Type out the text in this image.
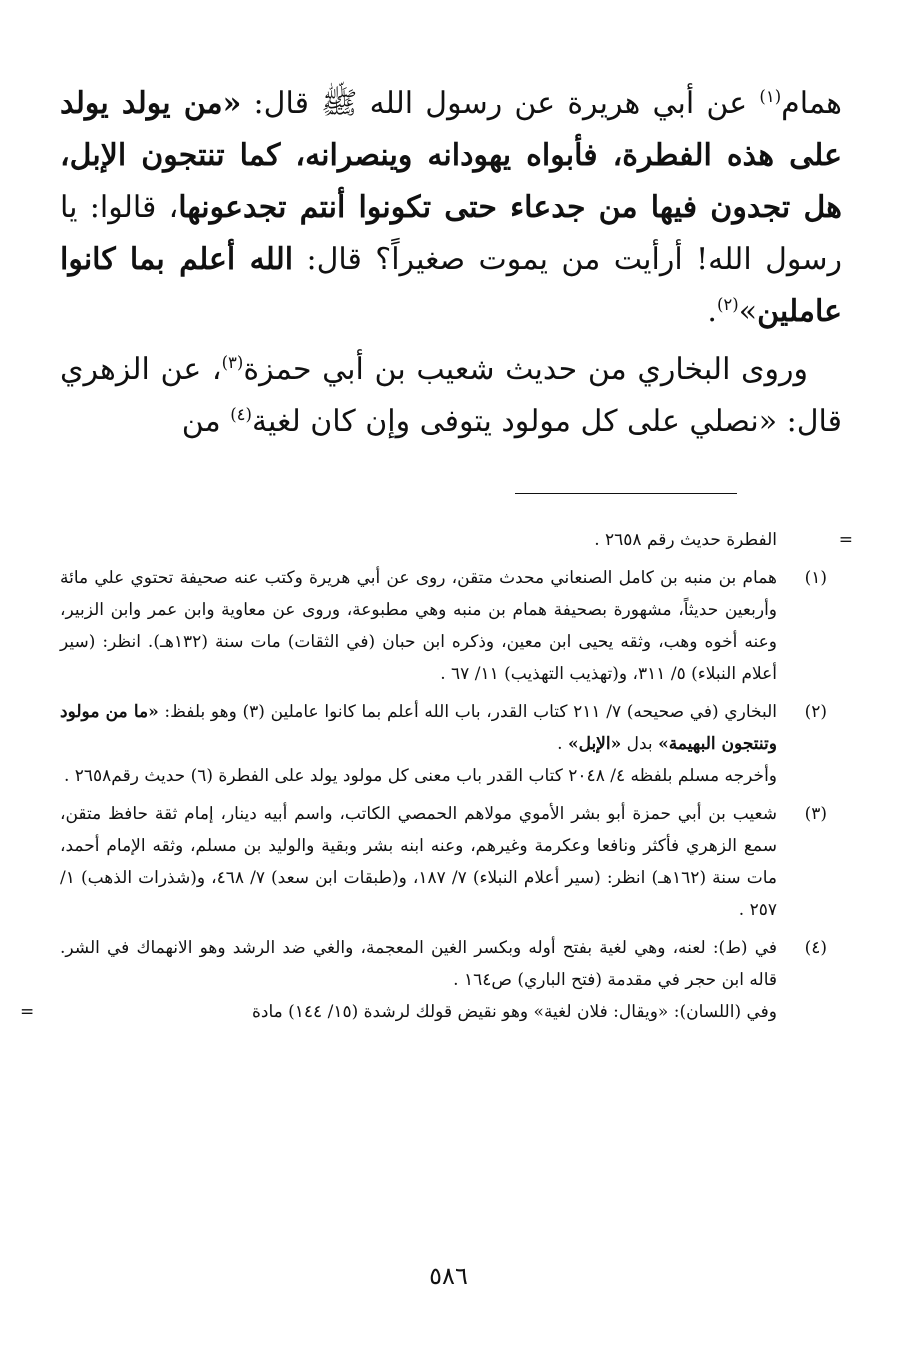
همام$^{(١)}$ عن أبي هريرة عن رسول الله ﷺ قال: «من يولد يولد على هذه الفطرة، فأبواه يهودانه وينصرانه، كما تنتجون الإبل، هل تجدون فيها من جدعاء حتى تكونوا أنتم تجدعونها، قالوا: يا رسول الله! أرأيت من يموت صغيراً؟ قال: الله أعلم بما كانوا عاملين»$^{(٢)}$.

وروى البخاري من حديث شعيب بن أبي حمزة$^{(٣)}$، عن الزهري قال: «نصلي على كل مولود يتوفى وإن كان لغية$^{(٤)}$ من

=
الفطرة حديث رقم ٢٦٥٨ .
(١)
همام بن منبه بن كامل الصنعاني محدث متقن، روى عن أبي هريرة وكتب عنه صحيفة تحتوي علي مائة وأربعين حديثاً، مشهورة بصحيفة همام بن منبه وهي مطبوعة، وروى عن معاوية وابن عمر وابن الزبير، وعنه أخوه وهب، وثقه يحيى ابن معين، وذكره ابن حبان (في الثقات) مات سنة (١٣٢هـ). انظر: (سير أعلام النبلاء) ٥/ ٣١١، و(تهذيب التهذيب) ١١/ ٦٧ .
(٢)
البخاري (في صحيحه) ٧/ ٢١١ كتاب القدر، باب الله أعلم بما كانوا عاملين (٣) وهو بلفظ: «ما من مولود وتنتجون البهيمة» بدل «الإبل» .
وأخرجه مسلم بلفظه ٤/ ٢٠٤٨ كتاب القدر باب معنى كل مولود يولد على الفطرة (٦) حديث رقم٢٦٥٨ .
(٣)
شعيب بن أبي حمزة أبو بشر الأموي مولاهم الحمصي الكاتب، واسم أبيه دينار، إمام ثقة حافظ متقن، سمع الزهري فأكثر ونافعا وعكرمة وغيرهم، وعنه ابنه بشر وبقية والوليد بن مسلم، وثقه الإمام أحمد، مات سنة (١٦٢هـ) انظر: (سير أعلام النبلاء) ٧/ ١٨٧، و(طبقات ابن سعد) ٧/ ٤٦٨، و(شذرات الذهب) ١/ ٢٥٧ .
(٤)
في (ط): لعنه، وهي لغية بفتح أوله وبكسر الغين المعجمة، والغي ضد الرشد وهو الانهماك في الشر. قاله ابن حجر في مقدمة (فتح الباري) ص١٦٤ .
وفي (اللسان): «ويقال: فلان لغية» وهو نقيض قولك لرشدة (١٥/ ١٤٤) مادة
=
٥٨٦
